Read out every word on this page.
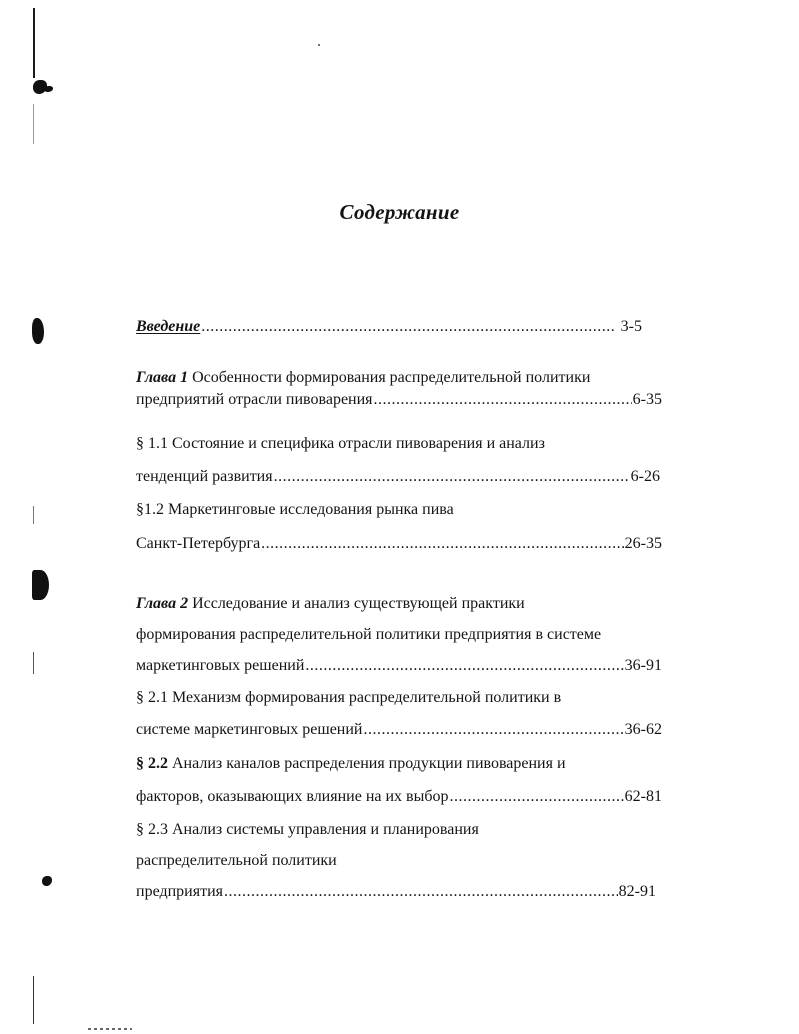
Содержание
Введение .....	3-5
Глава 1 Особенности формирования распределительной политики
предприятий отрасли пивоварения .....	6-35
§ 1.1 Состояние и специфика отрасли пивоварения и анализ
тенденций развития .....	6-26
§1.2 Маркетинговые исследования рынка пива
Санкт-Петербурга .....	26-35
Глава 2 Исследование и анализ существующей практики
формирования распределительной политики предприятия в системе
маркетинговых решений .....	36-91
§ 2.1 Механизм формирования распределительной политики в
системе маркетинговых решений .....	36-62
§ 2.2 Анализ каналов распределения продукции пивоварения и
факторов, оказывающих влияние на их выбор .....	62-81
§ 2.3 Анализ системы управления и планирования
распределительной политики
предприятия .....	82-91
